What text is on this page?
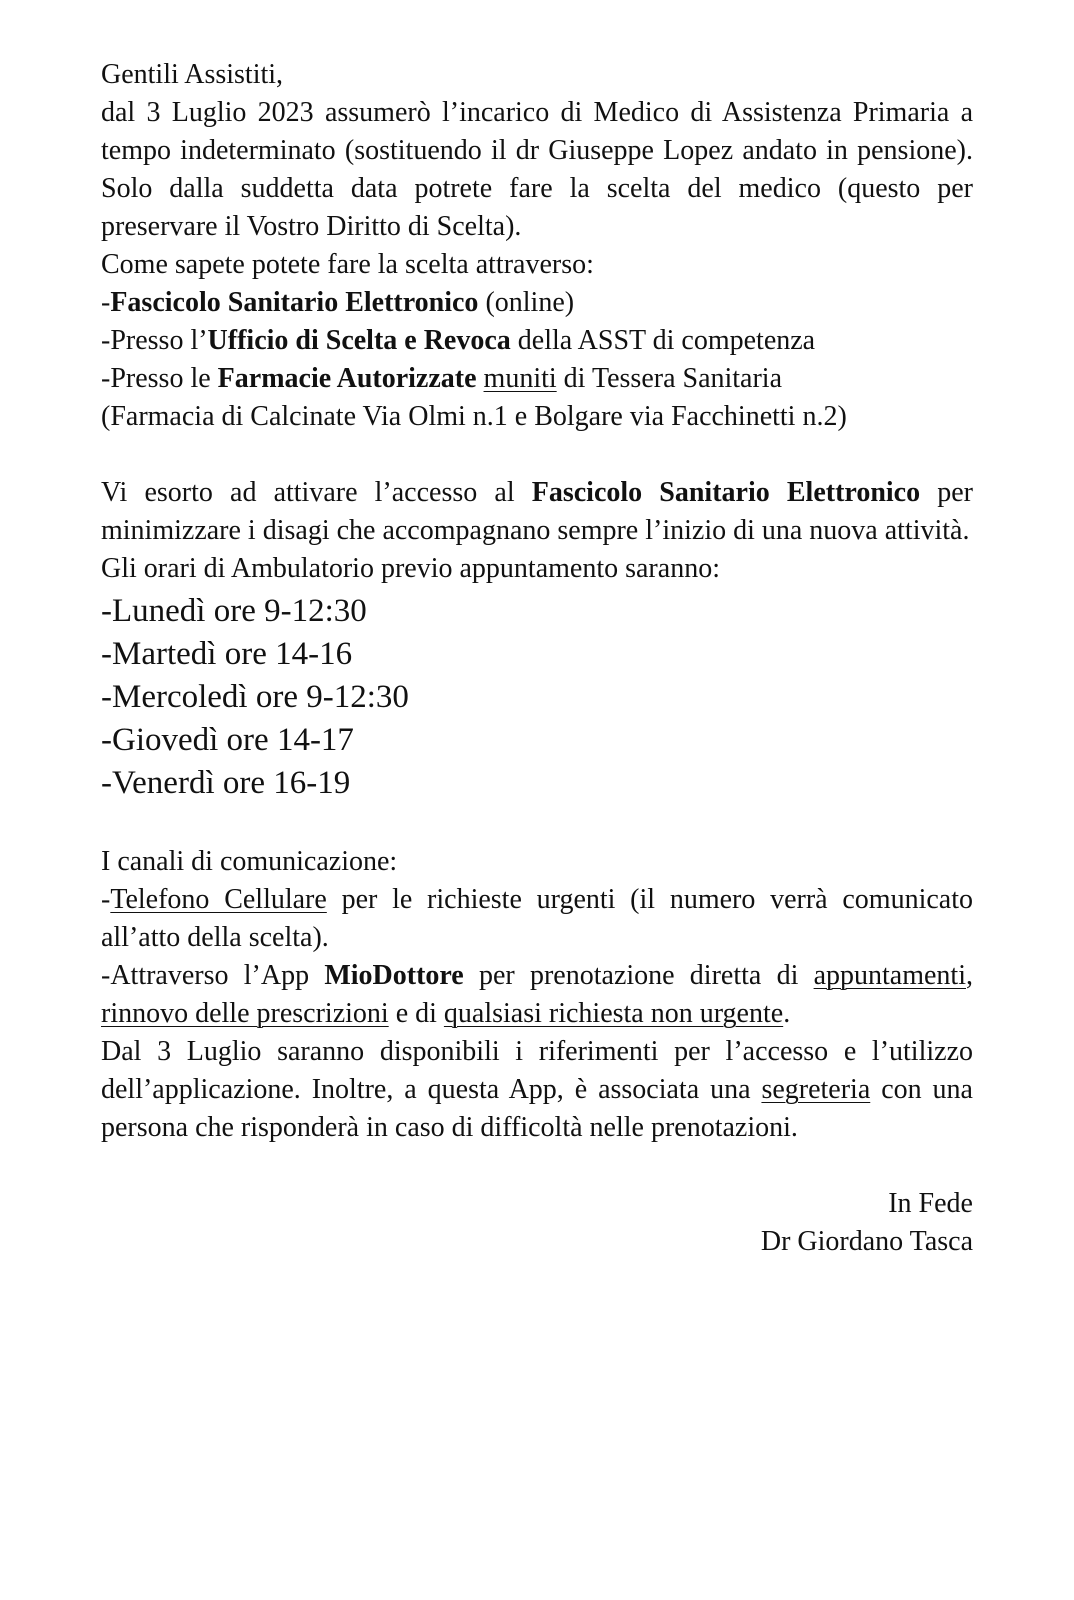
Gentili Assistiti,

dal 3 Luglio 2023 assumerò l’incarico di Medico di Assistenza Primaria a tempo indeterminato (sostituendo il dr Giuseppe Lopez andato in pensione). Solo dalla suddetta data potrete fare la scelta del medico (questo per preservare il Vostro Diritto di Scelta).

Come sapete potete fare la scelta attraverso:

-Fascicolo Sanitario Elettronico (online)

-Presso l’Ufficio di Scelta e Revoca della ASST di competenza

-Presso le Farmacie Autorizzate muniti di Tessera Sanitaria

(Farmacia di Calcinate Via Olmi n.1 e Bolgare via Facchinetti n.2)

Vi esorto ad attivare l’accesso al Fascicolo Sanitario Elettronico per minimizzare i disagi che accompagnano sempre l’inizio di una nuova attività.

Gli orari di Ambulatorio previo appuntamento saranno:

-Lunedì ore 9-12:30
-Martedì ore 14-16
-Mercoledì ore 9-12:30
-Giovedì ore 14-17
-Venerdì ore 16-19

I canali di comunicazione:

-Telefono Cellulare per le richieste urgenti (il numero verrà comunicato all’atto della scelta).

-Attraverso l’App MioDottore per prenotazione diretta di appuntamenti, rinnovo delle prescrizioni e di qualsiasi richiesta non urgente.

Dal 3 Luglio saranno disponibili i riferimenti per l’accesso e l’utilizzo dell’applicazione. Inoltre, a questa App, è associata una segreteria con una persona che risponderà in caso di difficoltà nelle prenotazioni.

In Fede

Dr Giordano Tasca
